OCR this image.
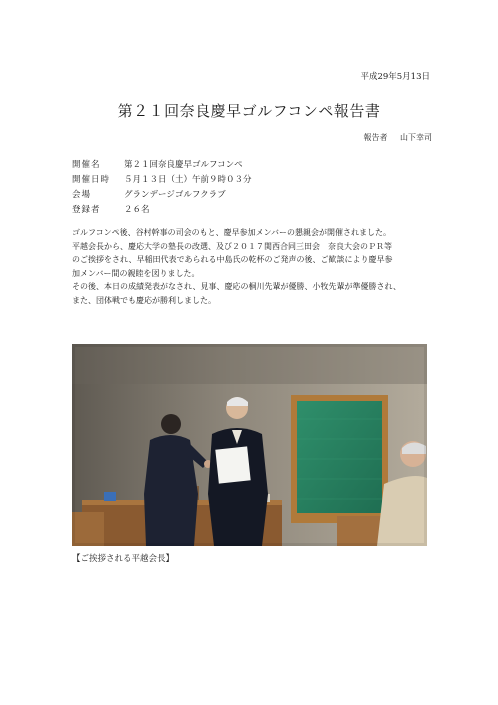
平成29年5月13日
第２１回奈良慶早ゴルフコンペ報告書
報告者 山下幸司
開催名	第２１回奈良慶早ゴルフコンペ
開催日時	５月１３日（土）午前９時０３分
会場	グランデージゴルフクラブ
登録者	２６名

ゴルフコンペ後、谷村幹事の司会のもと、慶早参加メンバーの懇親会が開催されました。

平越会長から、慶応大学の塾長の改選、及び２０１７関西合同三田会　奈良大会のＰＲ等

のご挨拶をされ、早稲田代表であられる中島氏の乾杯のご発声の後、ご歓談により慶早参

加メンバー間の親睦を図りました。

その後、本日の成績発表がなされ、見事、慶応の桐川先輩が優勝、小牧先輩が準優勝され、

また、団体戦でも慶応が勝利しました。

【ご挨拶される平越会長】
